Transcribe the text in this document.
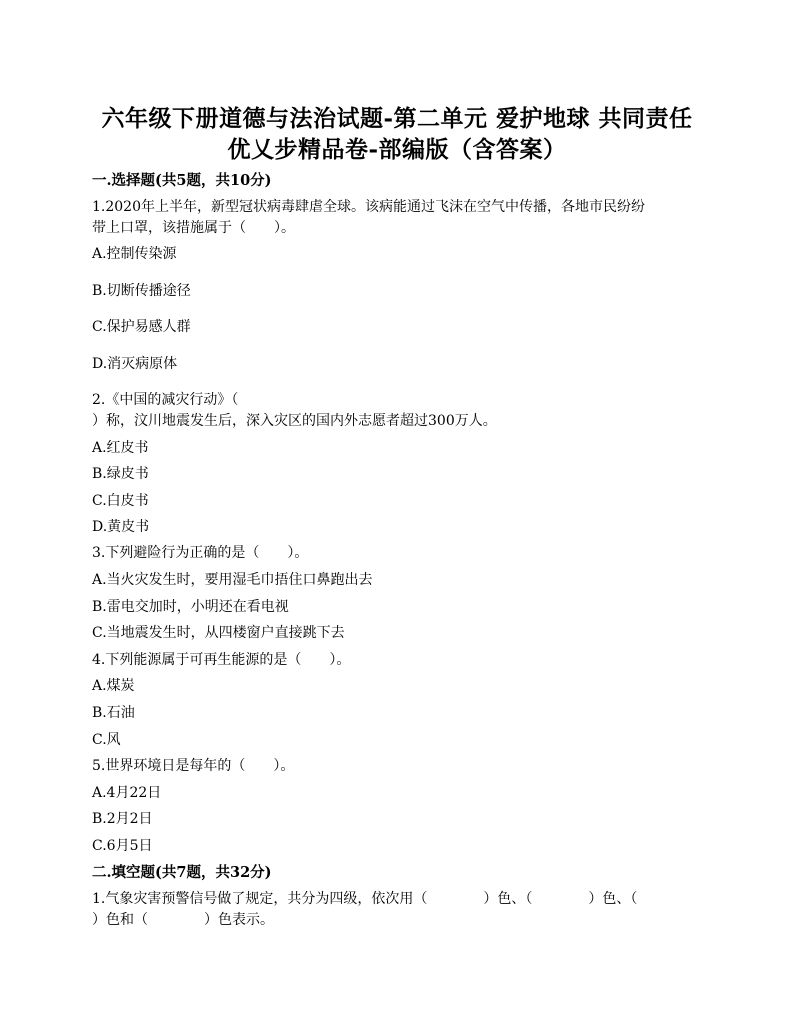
六年级下册道德与法治试题-第二单元 爱护地球 共同责任
优乂步精品卷-部编版（含答案）
一.选择题(共5题，共10分)
1.2020年上半年，新型冠状病毒肆虐全球。该病能通过飞沫在空气中传播，各地市民纷纷
带上口罩，该措施属于（　　）。
A.控制传染源
B.切断传播途径
C.保护易感人群
D.消灭病原体
2.《中国的减灾行动》（
）称，汶川地震发生后，深入灾区的国内外志愿者超过300万人。
A.红皮书
B.绿皮书
C.白皮书
D.黄皮书
3.下列避险行为正确的是（　　）。
A.当火灾发生时，要用湿毛巾捂住口鼻跑出去
B.雷电交加时，小明还在看电视
C.当地震发生时，从四楼窗户直接跳下去
4.下列能源属于可再生能源的是（　　）。
A.煤炭
B.石油
C.风
5.世界环境日是每年的（　　）。
A.4月22日
B.2月2日
C.6月5日
二.填空题(共7题，共32分)
1.气象灾害预警信号做了规定，共分为四级，依次用（　　　　）色、（　　　　）色、（
）色和（　　　　）色表示。
